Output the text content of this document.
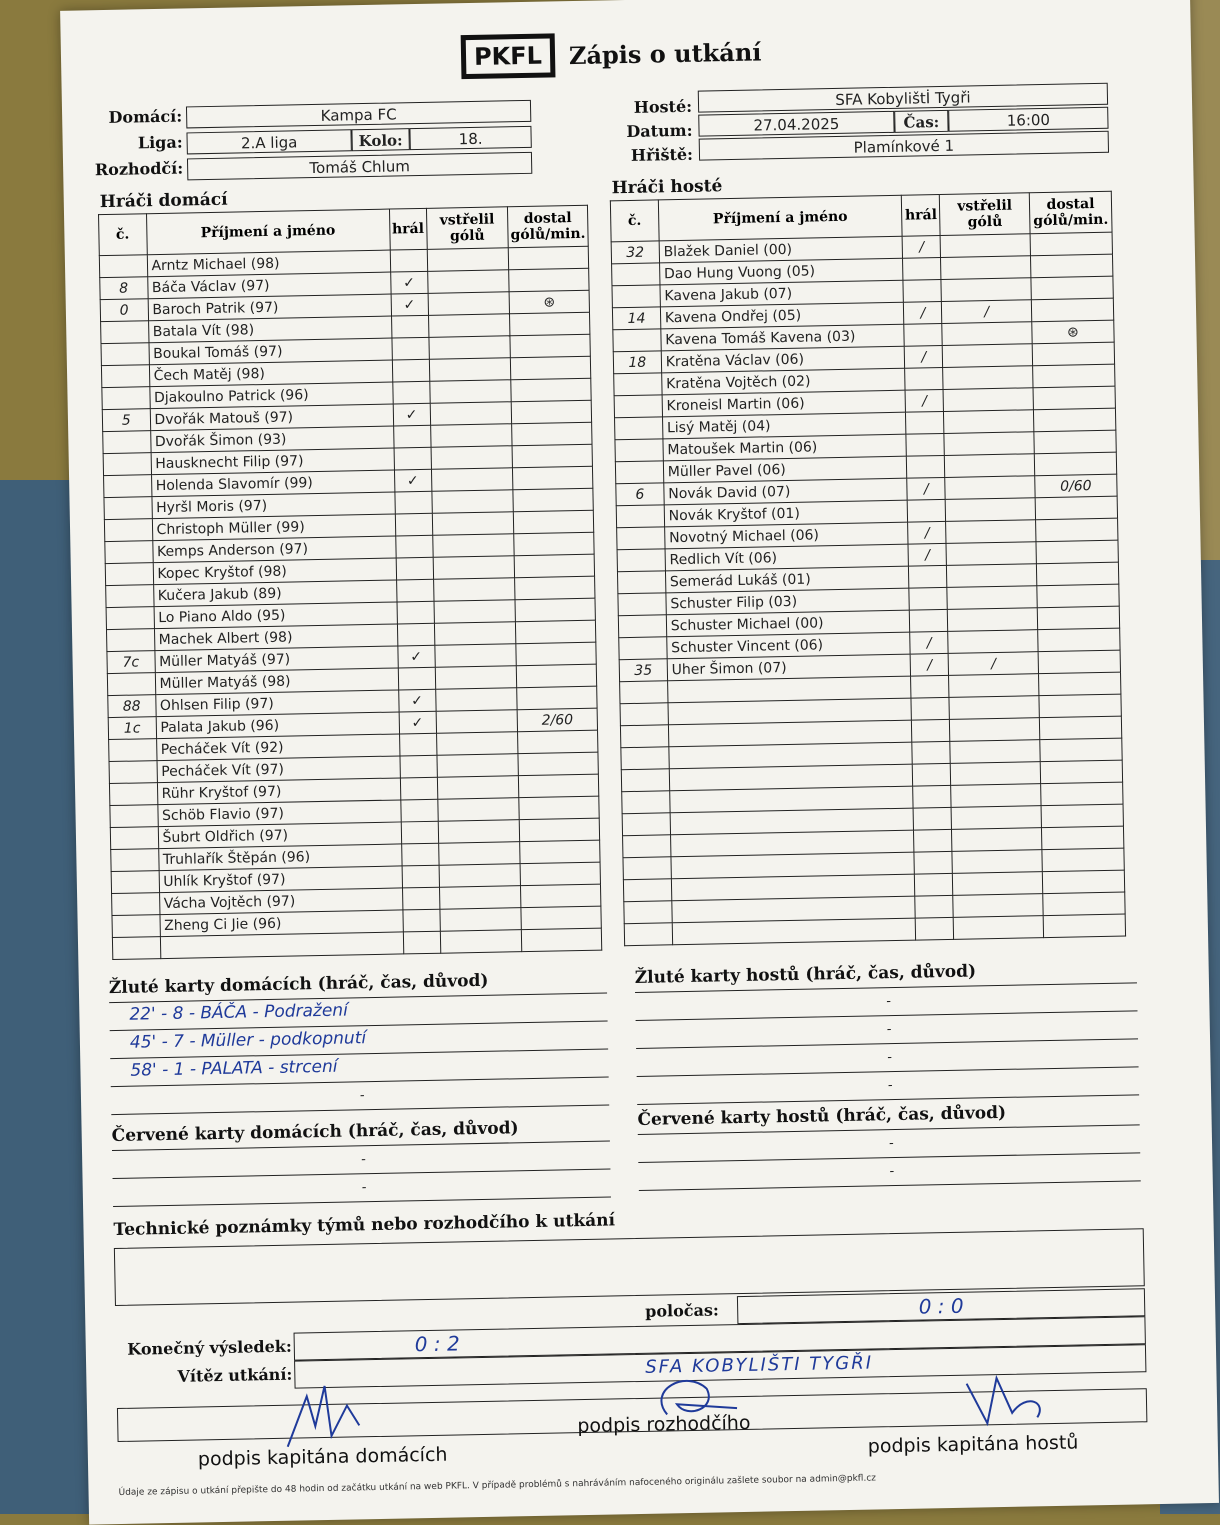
PKFL	Zápis o utkání
Domácí:	Kampa FC
Liga:	2.A liga	Kolo:	18.
Rozhodčí:	Tomáš Chlum
Hosté:	SFA Kobylištİ Tygři
Datum:	27.04.2025	Čas:	16:00
Hřiště:	Plamínkové 1
Hráči domácí
Hráči hosté
č.	Příjmení a jméno	hrál	vstřelil gólů	dostal gólů/min.
	Arntz Michael (98)			
8	Báča Václav (97)	✓		
0	Baroch Patrik (97)	✓		⊛
	Batala Vít (98)			
	Boukal Tomáš (97)			
	Čech Matěj (98)			
	Djakoulno Patrick (96)			
5	Dvořák Matouš (97)	✓		
	Dvořák Šimon (93)			
	Hausknecht Filip (97)			
	Holenda Slavomír (99)	✓		
	Hyršl Moris (97)			
	Christoph Müller (99)			
	Kemps Anderson (97)			
	Kopec Kryštof (98)			
	Kučera Jakub (89)			
	Lo Piano Aldo (95)			
	Machek Albert (98)			
7c	Müller Matyáš (97)	✓		
	Müller Matyáš (98)			
88	Ohlsen Filip (97)	✓		
1c	Palata Jakub (96)	✓		2/60
	Pecháček Vít (92)			
	Pecháček Vít (97)			
	Rühr Kryštof (97)			
	Schöb Flavio (97)			
	Šubrt Oldřich (97)			
	Truhlařík Štěpán (96)			
	Uhlík Kryštof (97)			
	Vácha Vojtěch (97)			
	Zheng Ci Jie (96)			

č.	Příjmení a jméno	hrál	vstřelil gólů	dostal gólů/min.
32	Blažek Daniel (00)	/		
	Dao Hung Vuong (05)			
	Kavena Jakub (07)			
14	Kavena Ondřej (05)	/	/	
	Kavena Tomáš Kavena (03)			⊛
18	Kratěna Václav (06)	/		
	Kratěna Vojtěch (02)			
	Kroneisl Martin (06)	/		
	Lisý Matěj (04)			
	Matoušek Martin (06)			
	Müller Pavel (06)			
6	Novák David (07)	/		0/60
	Novák Kryštof (01)			
	Novotný Michael (06)	/		
	Redlich Vít (06)	/		
	Semerád Lukáš (01)			
	Schuster Filip (03)			
	Schuster Michael (00)			
	Schuster Vincent (06)	/		
35	Uher Šimon (07)	/	/	

Žluté karty domácích (hráč, čas, důvod)
22' - 8 - BÁČA - Podražení
45' - 7 - Müller - podkopnutí
58' - 1 - PALATA - strcení
-
Žluté karty hostů (hráč, čas, důvod)
-
-
-
-
Červené karty domácích (hráč, čas, důvod)
-
-
Červené karty hostů (hráč, čas, důvod)
-
-
Technické poznámky týmů nebo rozhodčího k utkání
poločas:	0 : 0
Konečný výsledek:	0 : 2
Vítěz utkání:	SFA KOBYLIŠTI TYGŘI
podpis kapitána domácích
podpis rozhodčího
podpis kapitána hostů
Údaje ze zápisu o utkání přepište do 48 hodin od začátku utkání na web PKFL. V případě problémů s nahráváním nafoceného originálu zašlete soubor na admin@pkfl.cz
